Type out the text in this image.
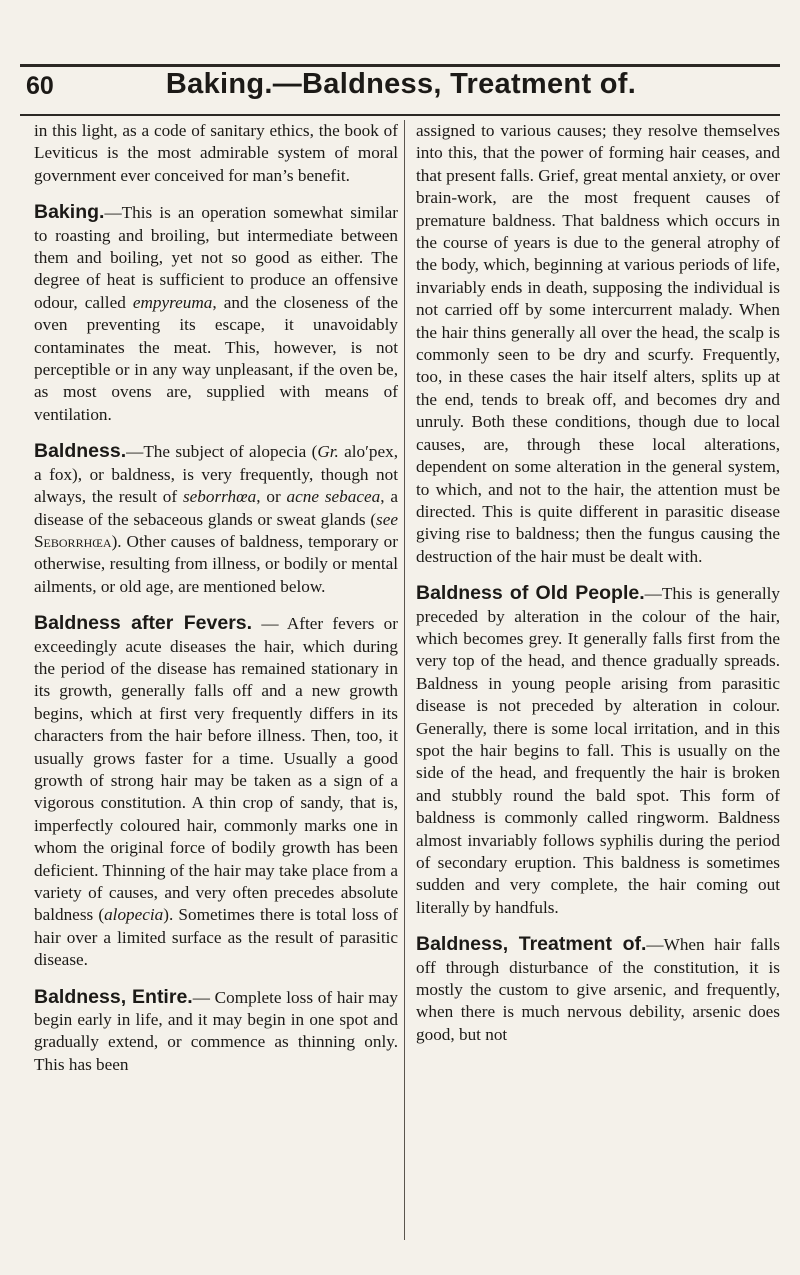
60	Baking.—Baldness, Treatment of.

in this light, as a code of sanitary ethics, the book of Leviticus is the most admirable system of moral government ever conceived for man’s benefit.

Baking.—This is an operation somewhat similar to roasting and broiling, but intermediate between them and boiling, yet not so good as either. The degree of heat is sufficient to produce an offensive odour, called empyreuma, and the closeness of the oven preventing its escape, it unavoidably contaminates the meat. This, however, is not perceptible or in any way unpleasant, if the oven be, as most ovens are, supplied with means of ventilation.

Baldness.—The subject of alopecia (Gr. alo′pex, a fox), or baldness, is very frequently, though not always, the result of seborrhœa, or acne sebacea, a disease of the sebaceous glands or sweat glands (see Seborrhœa). Other causes of baldness, temporary or otherwise, resulting from illness, or bodily or mental ailments, or old age, are mentioned below.

Baldness after Fevers. — After fevers or exceedingly acute diseases the hair, which during the period of the disease has remained stationary in its growth, generally falls off and a new growth begins, which at first very frequently differs in its characters from the hair before illness. Then, too, it usually grows faster for a time. Usually a good growth of strong hair may be taken as a sign of a vigorous constitution. A thin crop of sandy, that is, imperfectly coloured hair, commonly marks one in whom the original force of bodily growth has been deficient. Thinning of the hair may take place from a variety of causes, and very often precedes absolute baldness (alopecia). Sometimes there is total loss of hair over a limited surface as the result of parasitic disease.

Baldness, Entire.— Complete loss of hair may begin early in life, and it may begin in one spot and gradually extend, or commence as thinning only. This has been

assigned to various causes; they resolve themselves into this, that the power of forming hair ceases, and that present falls. Grief, great mental anxiety, or over brain-work, are the most frequent causes of premature baldness. That baldness which occurs in the course of years is due to the general atrophy of the body, which, beginning at various periods of life, invariably ends in death, supposing the individual is not carried off by some intercurrent malady. When the hair thins generally all over the head, the scalp is commonly seen to be dry and scurfy. Frequently, too, in these cases the hair itself alters, splits up at the end, tends to break off, and becomes dry and unruly. Both these conditions, though due to local causes, are, through these local alterations, dependent on some alteration in the general system, to which, and not to the hair, the attention must be directed. This is quite different in parasitic disease giving rise to baldness; then the fungus causing the destruction of the hair must be dealt with.

Baldness of Old People.—This is generally preceded by alteration in the colour of the hair, which becomes grey. It generally falls first from the very top of the head, and thence gradually spreads. Baldness in young people arising from parasitic disease is not preceded by alteration in colour. Generally, there is some local irritation, and in this spot the hair begins to fall. This is usually on the side of the head, and frequently the hair is broken and stubbly round the bald spot. This form of baldness is commonly called ringworm. Baldness almost invariably follows syphilis during the period of secondary eruption. This baldness is sometimes sudden and very complete, the hair coming out literally by handfuls.

Baldness, Treatment of.—When hair falls off through disturbance of the constitution, it is mostly the custom to give arsenic, and frequently, when there is much nervous debility, arsenic does good, but not
